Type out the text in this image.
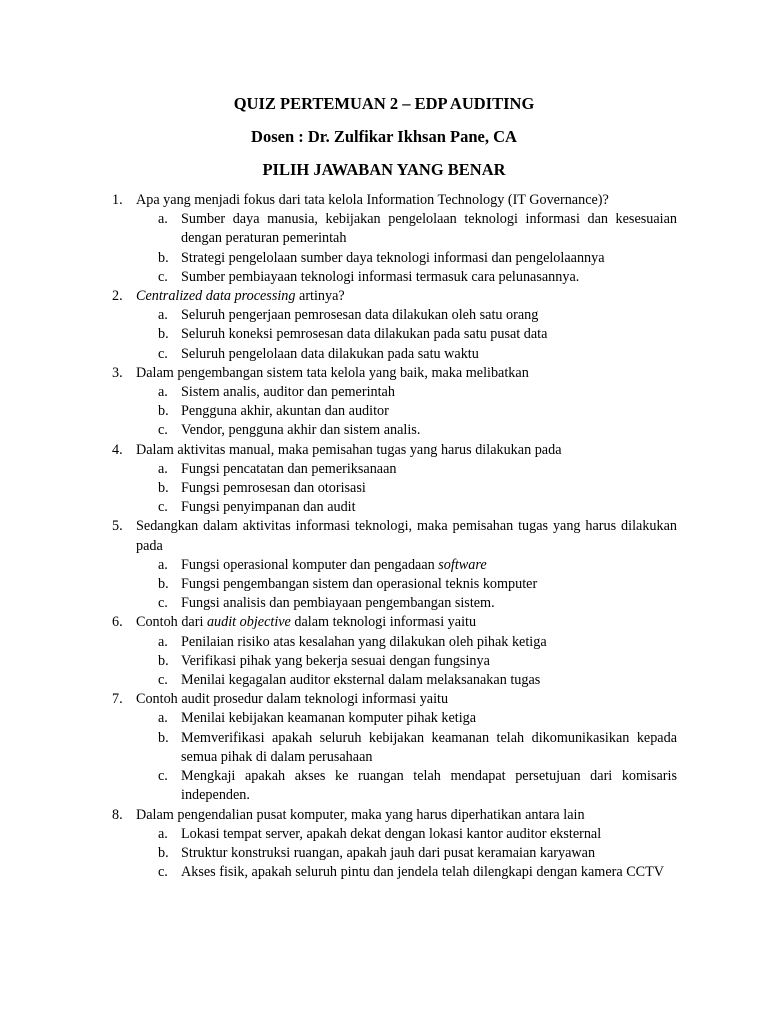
QUIZ PERTEMUAN 2 – EDP AUDITING
Dosen : Dr. Zulfikar Ikhsan Pane, CA
PILIH JAWABAN YANG BENAR
1. Apa yang menjadi fokus dari tata kelola Information Technology (IT Governance)?
a. Sumber daya manusia, kebijakan pengelolaan teknologi informasi dan kesesuaian dengan peraturan pemerintah
b. Strategi pengelolaan sumber daya teknologi informasi dan pengelolaannya
c. Sumber pembiayaan teknologi informasi termasuk cara pelunasannya.
2. Centralized data processing artinya?
a. Seluruh pengerjaan pemrosesan data dilakukan oleh satu orang
b. Seluruh koneksi pemrosesan data dilakukan pada satu pusat data
c. Seluruh pengelolaan data dilakukan pada satu waktu
3. Dalam pengembangan sistem tata kelola yang baik, maka melibatkan
a. Sistem analis, auditor dan pemerintah
b. Pengguna akhir, akuntan dan auditor
c. Vendor, pengguna akhir dan sistem analis.
4. Dalam aktivitas manual, maka pemisahan tugas yang harus dilakukan pada
a. Fungsi pencatatan dan pemeriksanaan
b. Fungsi pemrosesan dan otorisasi
c. Fungsi penyimpanan dan audit
5. Sedangkan dalam aktivitas informasi teknologi, maka pemisahan tugas yang harus dilakukan pada
a. Fungsi operasional komputer dan pengadaan software
b. Fungsi pengembangan sistem dan operasional teknis komputer
c. Fungsi analisis dan pembiayaan pengembangan sistem.
6. Contoh dari audit objective dalam teknologi informasi yaitu
a. Penilaian risiko atas kesalahan yang dilakukan oleh pihak ketiga
b. Verifikasi pihak yang bekerja sesuai dengan fungsinya
c. Menilai kegagalan auditor eksternal dalam melaksanakan tugas
7. Contoh audit prosedur dalam teknologi informasi yaitu
a. Menilai kebijakan keamanan komputer pihak ketiga
b. Memverifikasi apakah seluruh kebijakan keamanan telah dikomunikasikan kepada semua pihak di dalam perusahaan
c. Mengkaji apakah akses ke ruangan telah mendapat persetujuan dari komisaris independen.
8. Dalam pengendalian pusat komputer, maka yang harus diperhatikan antara lain
a. Lokasi tempat server, apakah dekat dengan lokasi kantor auditor eksternal
b. Struktur konstruksi ruangan, apakah jauh dari pusat keramaian karyawan
c. Akses fisik, apakah seluruh pintu dan jendela telah dilengkapi dengan kamera CCTV
